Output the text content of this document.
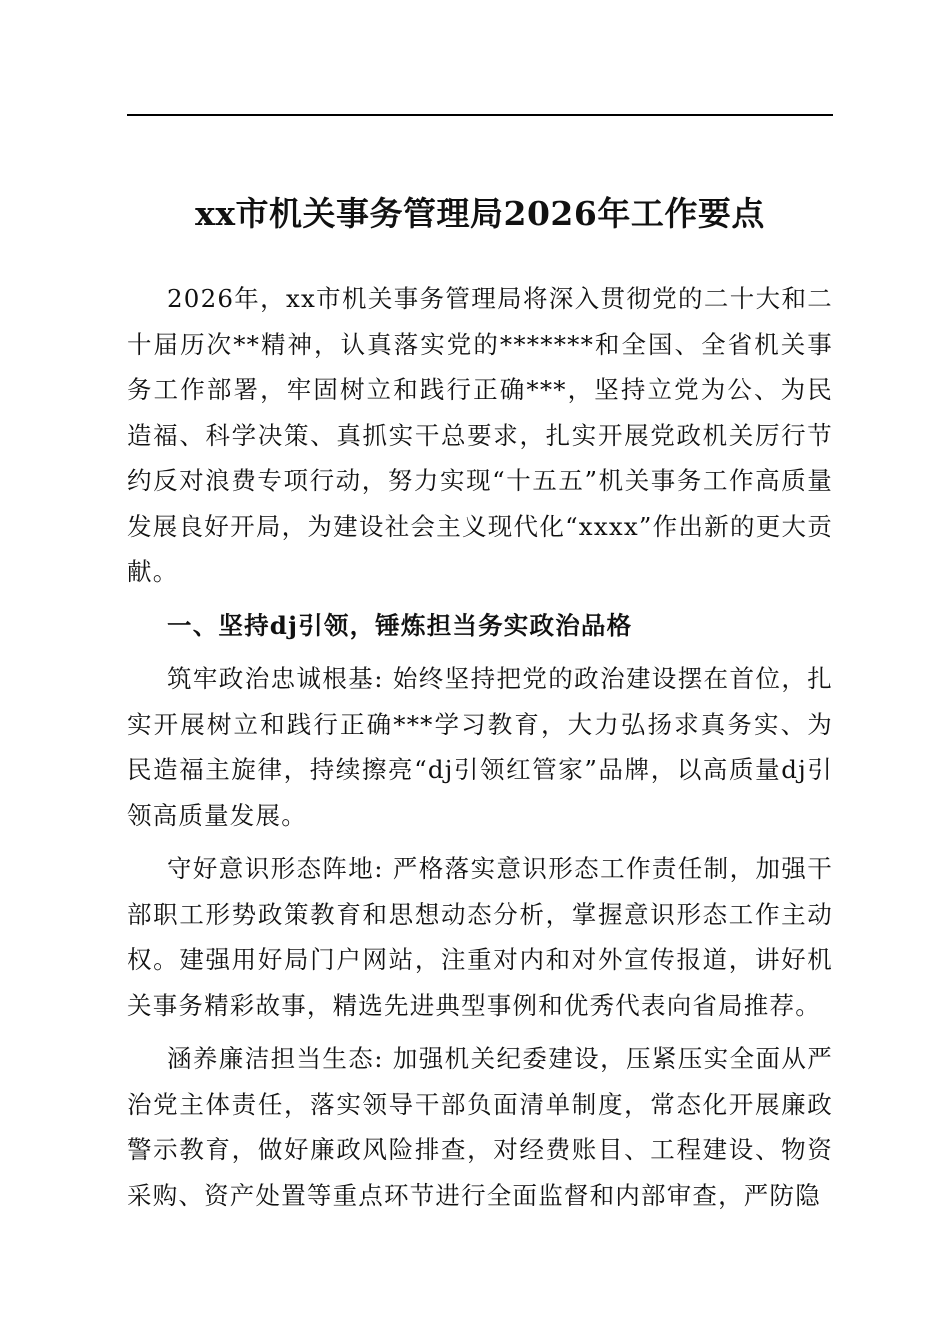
xx市机关事务管理局2026年工作要点

2026年，xx市机关事务管理局将深入贯彻党的二十大和二十届历次**精神，认真落实党的*******和全国、全省机关事务工作部署，牢固树立和践行正确***，坚持立党为公、为民造福、科学决策、真抓实干总要求，扎实开展党政机关厉行节约反对浪费专项行动，努力实现“十五五”机关事务工作高质量发展良好开局，为建设社会主义现代化“xxxx”作出新的更大贡献。

一、坚持dj引领，锤炼担当务实政治品格

筑牢政治忠诚根基: 始终坚持把党的政治建设摆在首位，扎实开展树立和践行正确***学习教育，大力弘扬求真务实、为民造福主旋律，持续擦亮“dj引领红管家”品牌，以高质量dj引领高质量发展。

守好意识形态阵地: 严格落实意识形态工作责任制，加强干部职工形势政策教育和思想动态分析，掌握意识形态工作主动权。建强用好局门户网站，注重对内和对外宣传报道，讲好机关事务精彩故事，精选先进典型事例和优秀代表向省局推荐。

涵养廉洁担当生态: 加强机关纪委建设，压紧压实全面从严治党主体责任，落实领导干部负面清单制度，常态化开展廉政警示教育，做好廉政风险排查，对经费账目、工程建设、物资采购、资产处置等重点环节进行全面监督和内部审查，严防隐
